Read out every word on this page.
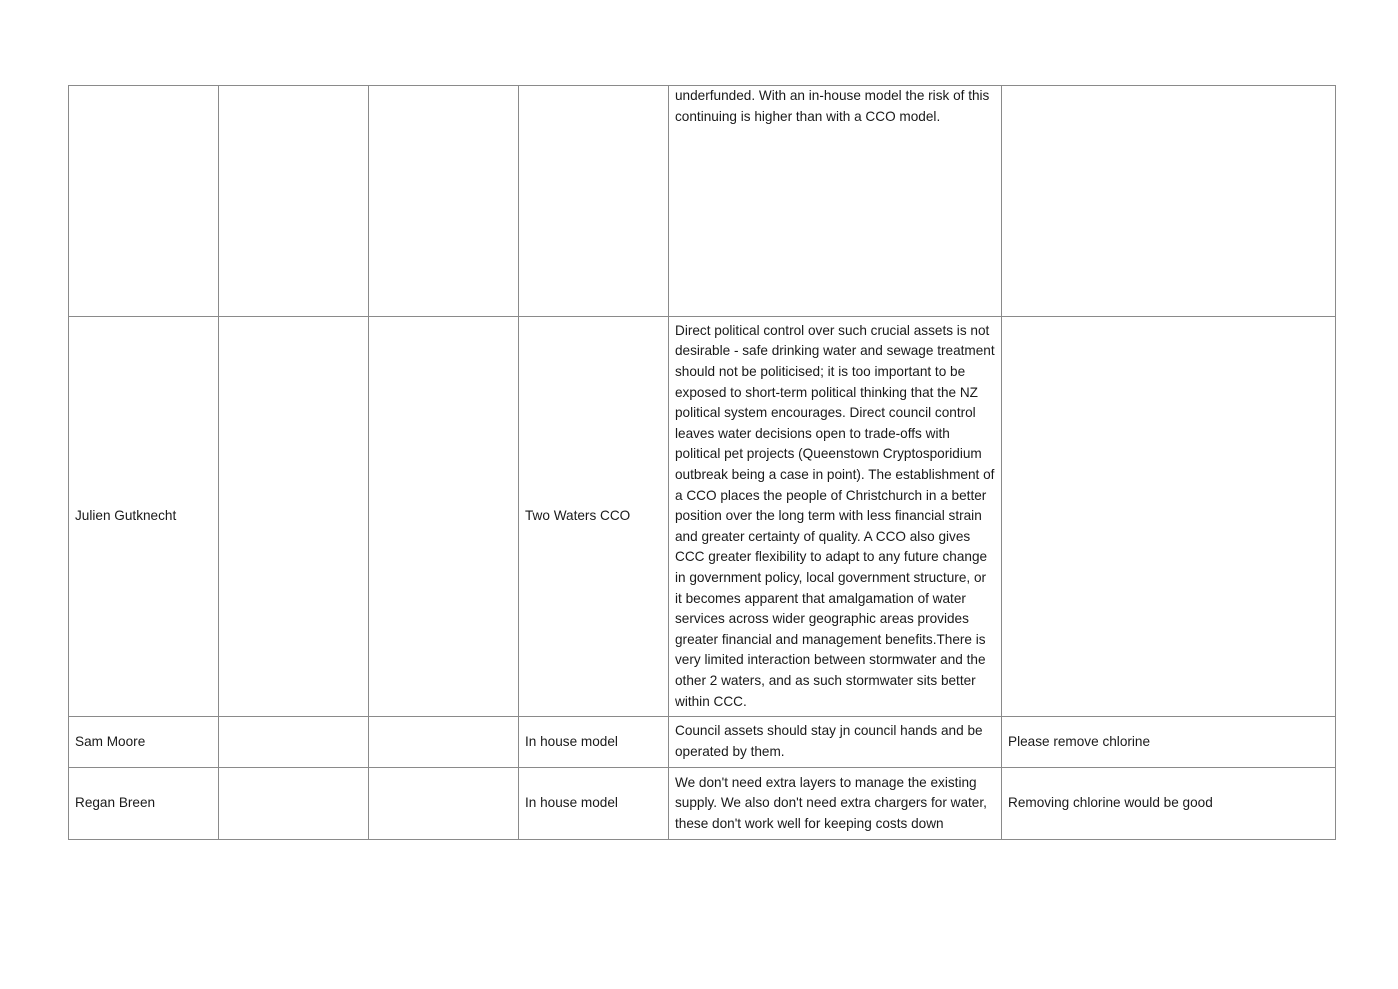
				underfunded. With an in-house model the risk of this continuing is higher than with a CCO model.	
Julien Gutknecht			Two Waters CCO	Direct political control over such crucial assets is not desirable - safe drinking water and sewage treatment should not be politicised; it is too important to be exposed to short-term political thinking that the NZ political system encourages. Direct council control leaves water decisions open to trade-offs with political pet projects (Queenstown Cryptosporidium outbreak being a case in point). The establishment of a CCO places the people of Christchurch in a better position over the long term with less financial strain and greater certainty of quality. A CCO also gives CCC greater flexibility to adapt to any future change in government policy, local government structure, or it becomes apparent that amalgamation of water services across wider geographic areas provides greater financial and management benefits.There is very limited interaction between stormwater and the other 2 waters, and as such stormwater sits better within CCC.	
Sam Moore			In house model	Council assets should stay jn council hands and be operated by them.	Please remove chlorine
Regan Breen			In house model	We don't need extra layers to manage the existing supply. We also don't need extra chargers for water, these don't work well for keeping costs down	Removing chlorine would be good
